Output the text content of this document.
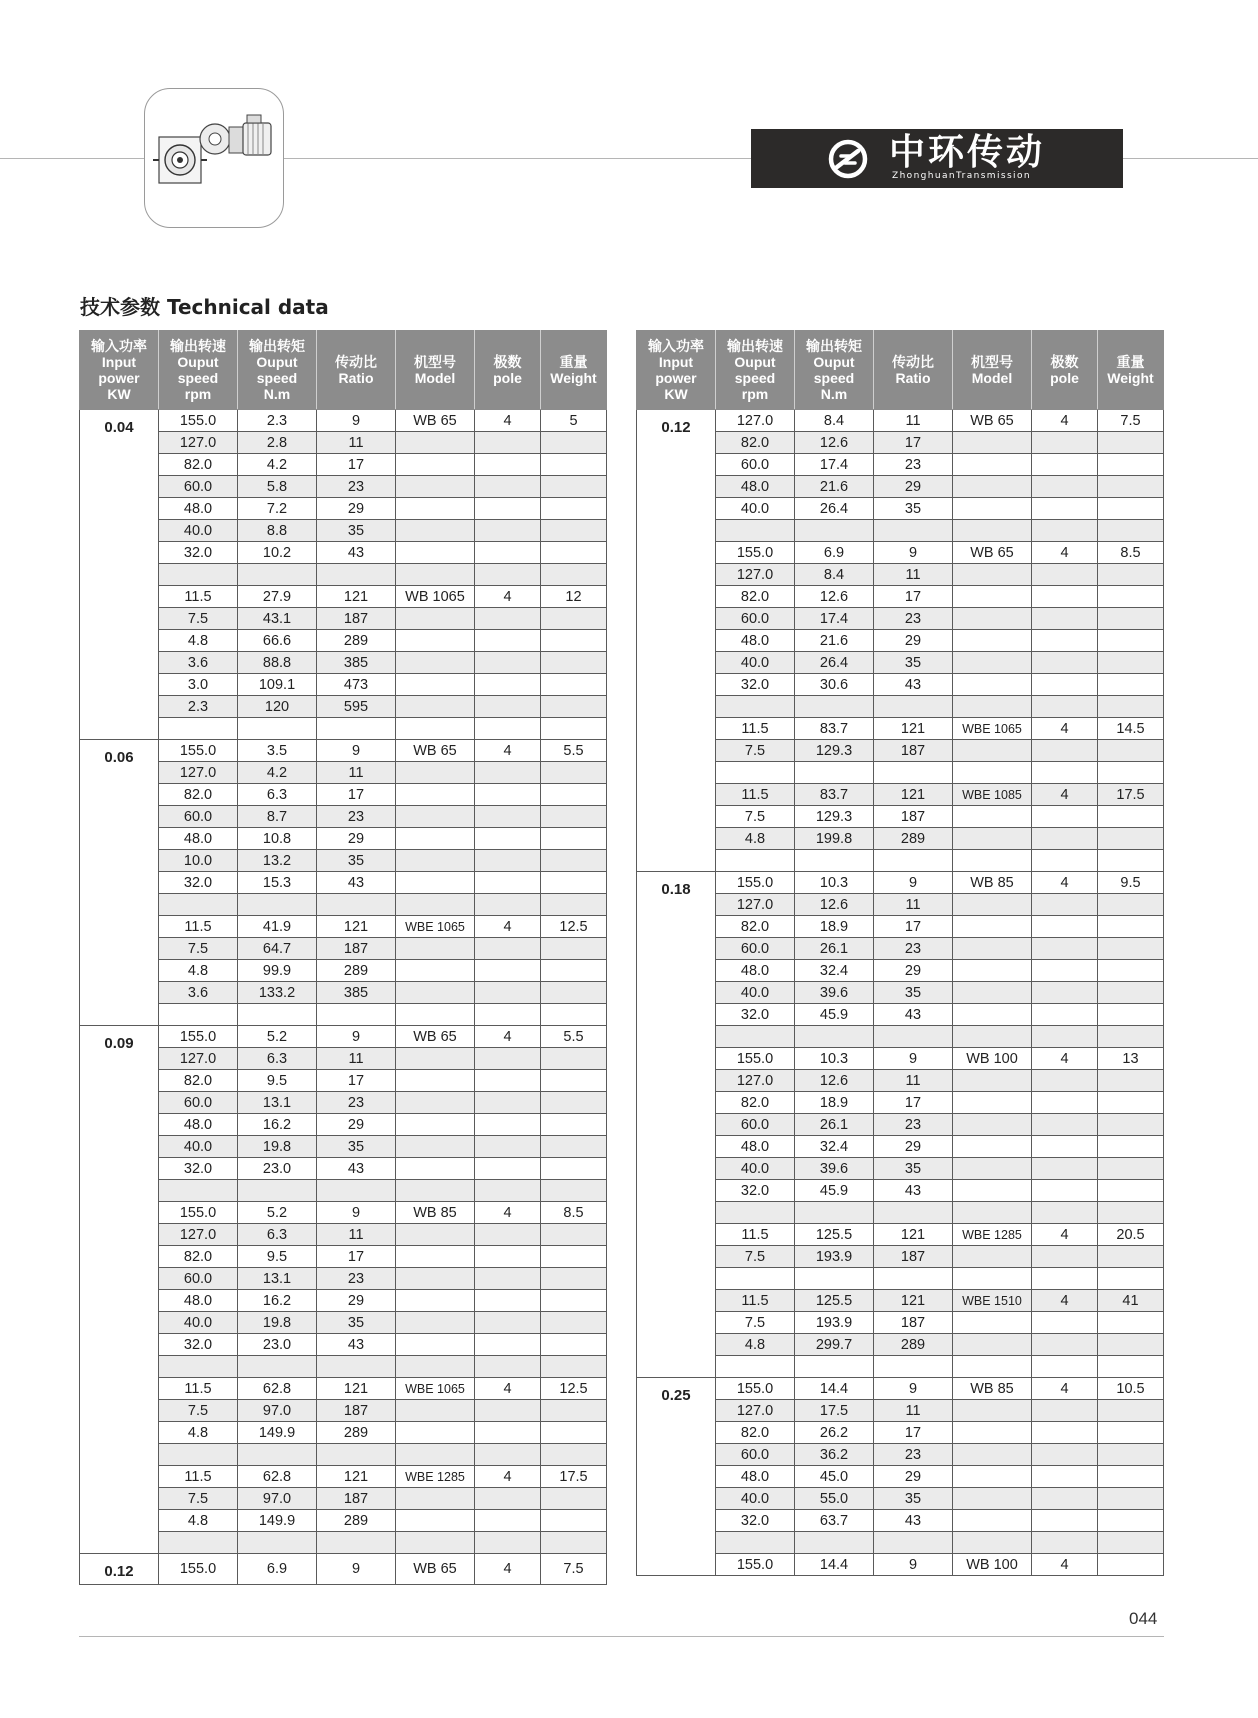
中环传动
ZhonghuanTransmission
技术参数 Technical data
输入功率
Input
power
KW	输出转速
Ouput
speed
rpm	输出转矩
Ouput
speed
N.m	传动比
Ratio	机型号
Model	极数
pole	重量
Weight

0.04	155.0	2.3	9	WB 65	4	5
	127.0	2.8	11			
	82.0	4.2	17			
	60.0	5.8	23			
	48.0	7.2	29			
	40.0	8.8	35			
	32.0	10.2	43			

	11.5	27.9	121	WB 1065	4	12
	7.5	43.1	187			
	4.8	66.6	289			
	3.6	88.8	385			
	3.0	109.1	473			
	2.3	120	595			

0.06	155.0	3.5	9	WB 65	4	5.5
	127.0	4.2	11			
	82.0	6.3	17			
	60.0	8.7	23			
	48.0	10.8	29			
	10.0	13.2	35			
	32.0	15.3	43			

	11.5	41.9	121	WBE 1065	4	12.5
	7.5	64.7	187			
	4.8	99.9	289			
	3.6	133.2	385			

0.09	155.0	5.2	9	WB 65	4	5.5
	127.0	6.3	11			
	82.0	9.5	17			
	60.0	13.1	23			
	48.0	16.2	29			
	40.0	19.8	35			
	32.0	23.0	43			

	155.0	5.2	9	WB 85	4	8.5
	127.0	6.3	11			
	82.0	9.5	17			
	60.0	13.1	23			
	48.0	16.2	29			
	40.0	19.8	35			
	32.0	23.0	43			

	11.5	62.8	121	WBE 1065	4	12.5
	7.5	97.0	187			
	4.8	149.9	289			

	11.5	62.8	121	WBE 1285	4	17.5
	7.5	97.0	187			
	4.8	149.9	289			

0.12	155.0	6.9	9	WB 65	4	7.5
输入功率
Input
power
KW	输出转速
Ouput
speed
rpm	输出转矩
Ouput
speed
N.m	传动比
Ratio	机型号
Model	极数
pole	重量
Weight

0.12	127.0	8.4	11	WB 65	4	7.5
	82.0	12.6	17			
	60.0	17.4	23			
	48.0	21.6	29			
	40.0	26.4	35			

	155.0	6.9	9	WB 65	4	8.5
	127.0	8.4	11			
	82.0	12.6	17			
	60.0	17.4	23			
	48.0	21.6	29			
	40.0	26.4	35			
	32.0	30.6	43			

	11.5	83.7	121	WBE 1065	4	14.5
	7.5	129.3	187			

	11.5	83.7	121	WBE 1085	4	17.5
	7.5	129.3	187			
	4.8	199.8	289			

0.18	155.0	10.3	9	WB 85	4	9.5
	127.0	12.6	11			
	82.0	18.9	17			
	60.0	26.1	23			
	48.0	32.4	29			
	40.0	39.6	35			
	32.0	45.9	43			

	155.0	10.3	9	WB 100	4	13
	127.0	12.6	11			
	82.0	18.9	17			
	60.0	26.1	23			
	48.0	32.4	29			
	40.0	39.6	35			
	32.0	45.9	43			

	11.5	125.5	121	WBE 1285	4	20.5
	7.5	193.9	187			

	11.5	125.5	121	WBE 1510	4	41
	7.5	193.9	187			
	4.8	299.7	289			

0.25	155.0	14.4	9	WB 85	4	10.5
	127.0	17.5	11			
	82.0	26.2	17			
	60.0	36.2	23			
	48.0	45.0	29			
	40.0	55.0	35			
	32.0	63.7	43			

	155.0	14.4	9	WB 100	4	
044
